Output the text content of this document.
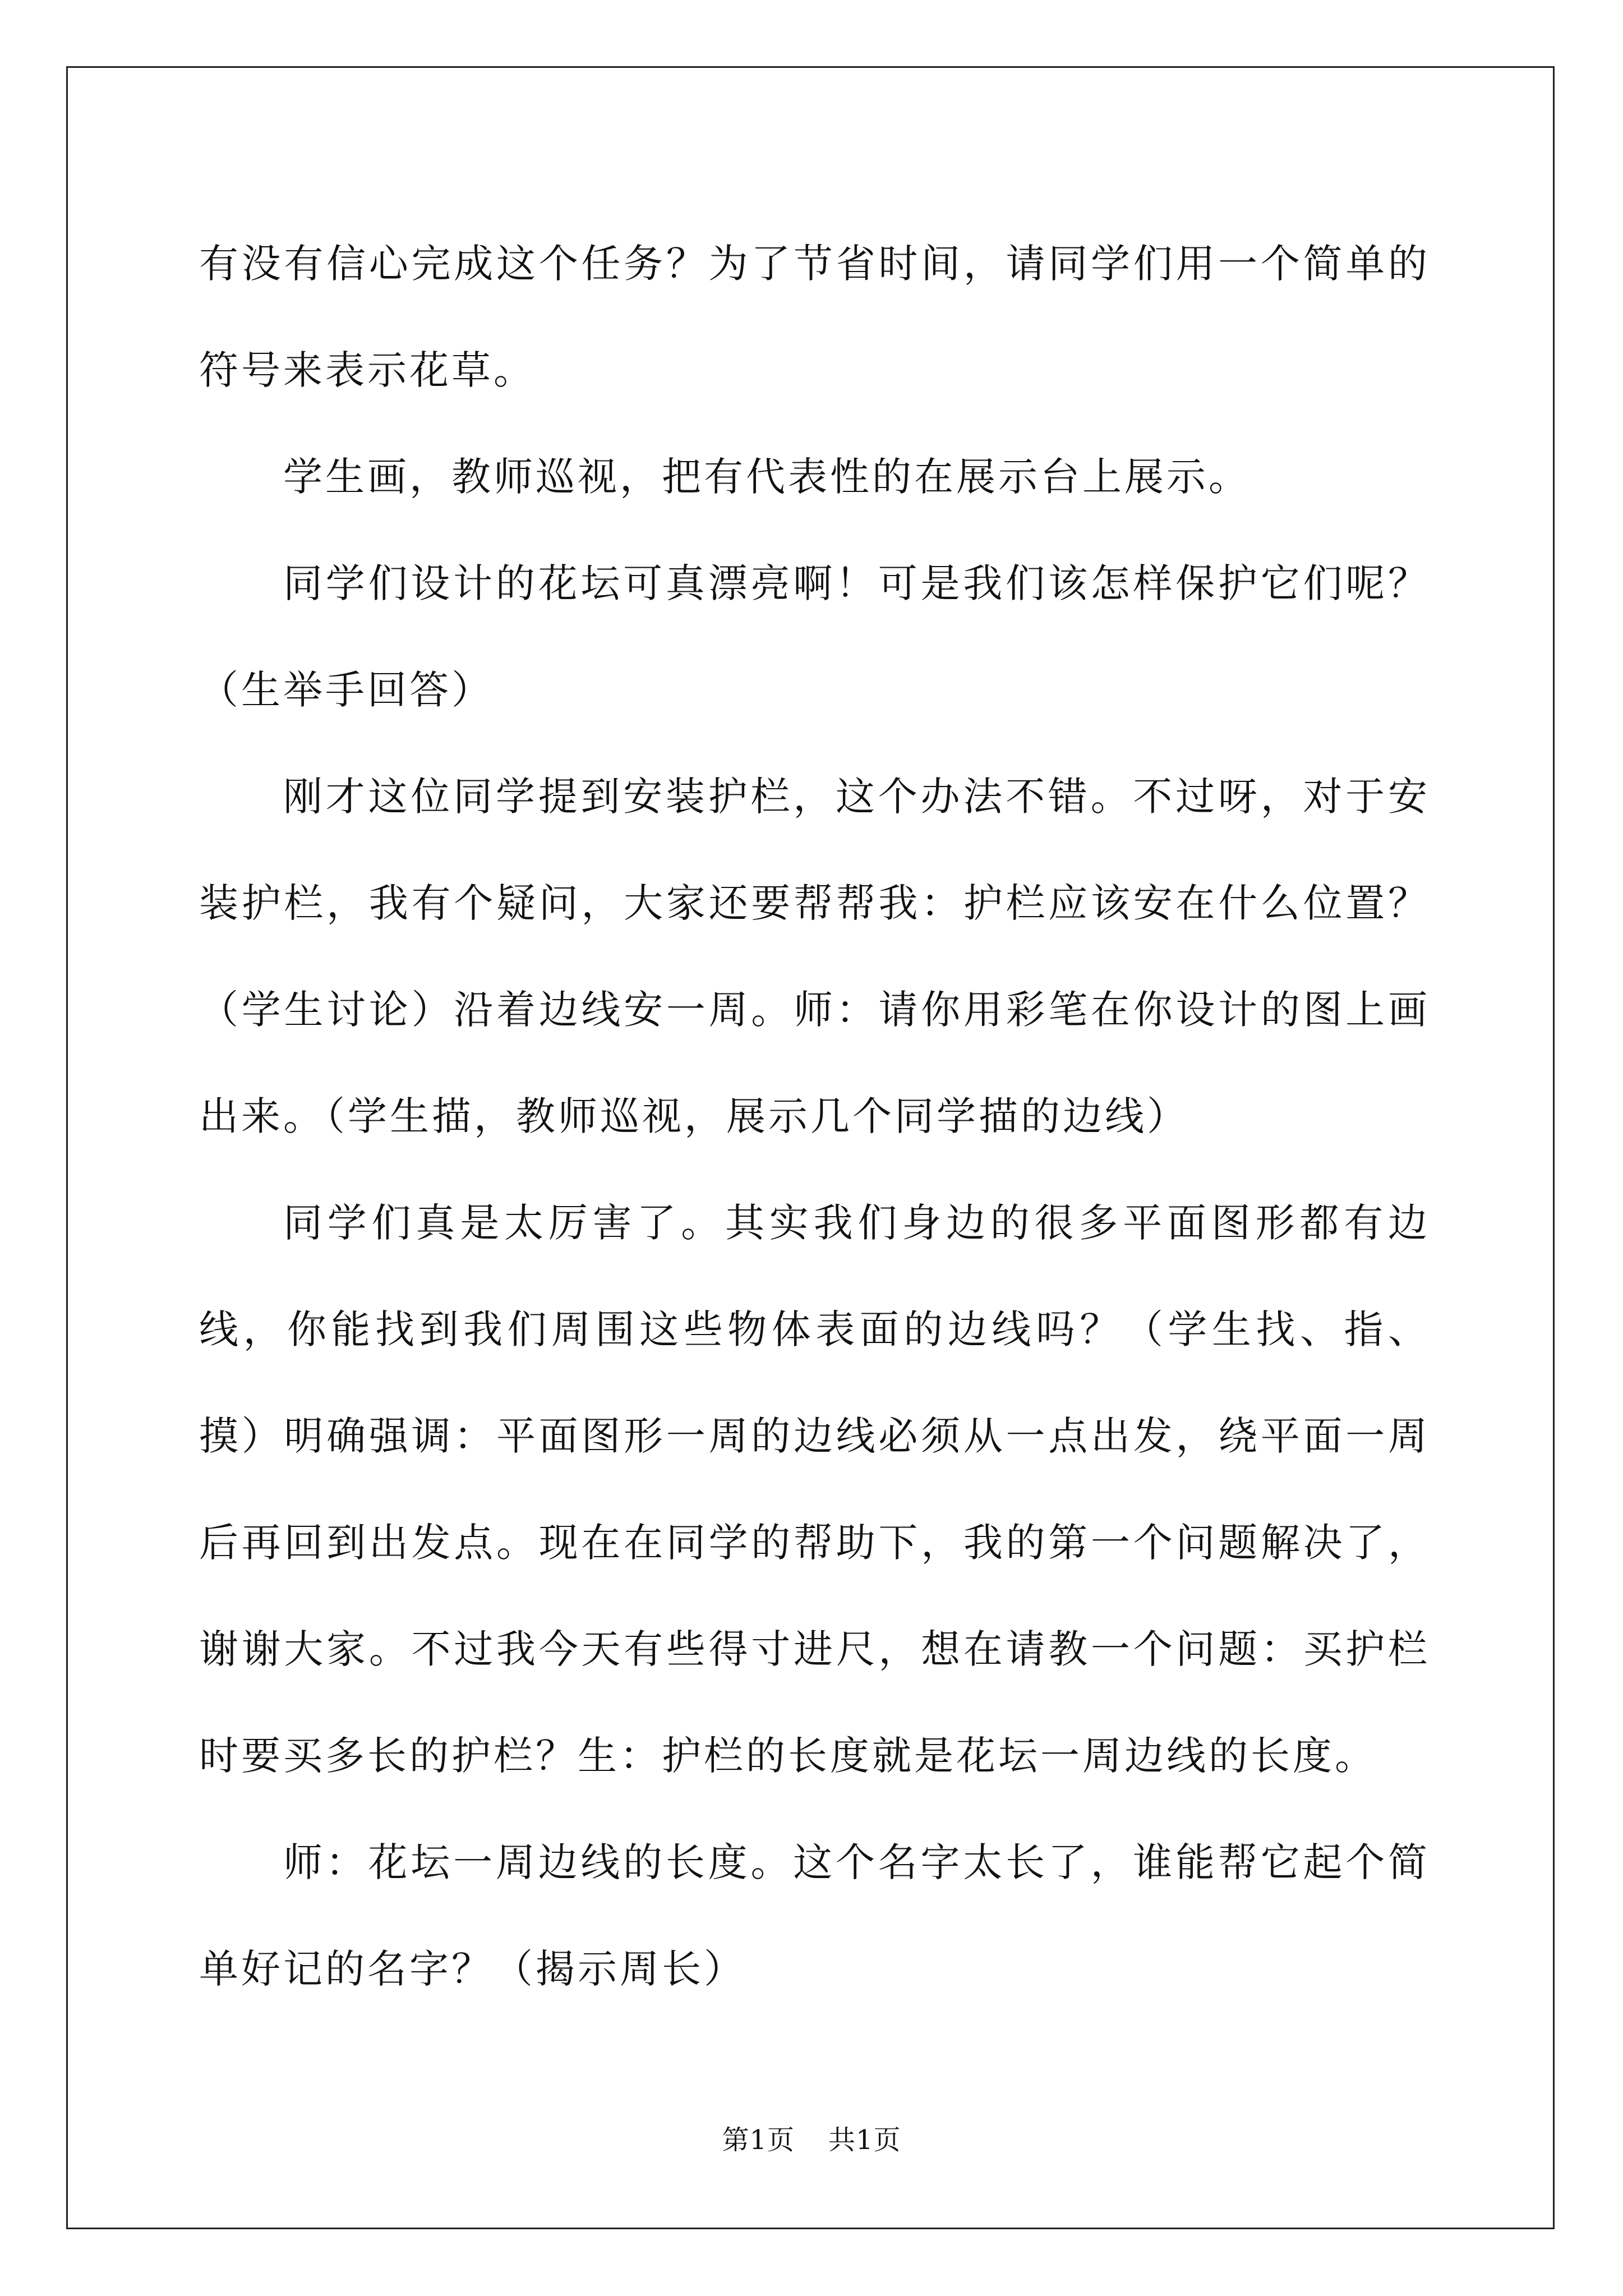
有没有信心完成这个任务？为了节省时间，请同学们用一个简单的符号来表示花草。

学生画，教师巡视，把有代表性的在展示台上展示。

同学们设计的花坛可真漂亮啊！可是我们该怎样保护它们呢？（生举手回答）

刚才这位同学提到安装护栏，这个办法不错。不过呀，对于安装护栏，我有个疑问，大家还要帮帮我：护栏应该安在什么位置？（学生讨论）沿着边线安一周。师：请你用彩笔在你设计的图上画出来。（学生描，教师巡视，展示几个同学描的边线）

同学们真是太厉害了。其实我们身边的很多平面图形都有边线，你能找到我们周围这些物体表面的边线吗？（学生找、指、摸）明确强调：平面图形一周的边线必须从一点出发，绕平面一周后再回到出发点。现在在同学的帮助下，我的第一个问题解决了，谢谢大家。不过我今天有些得寸进尺，想在请教一个问题：买护栏时要买多长的护栏？生：护栏的长度就是花坛一周边线的长度。

师：花坛一周边线的长度。这个名字太长了，谁能帮它起个简单好记的名字？（揭示周长）

第1页 共1页
